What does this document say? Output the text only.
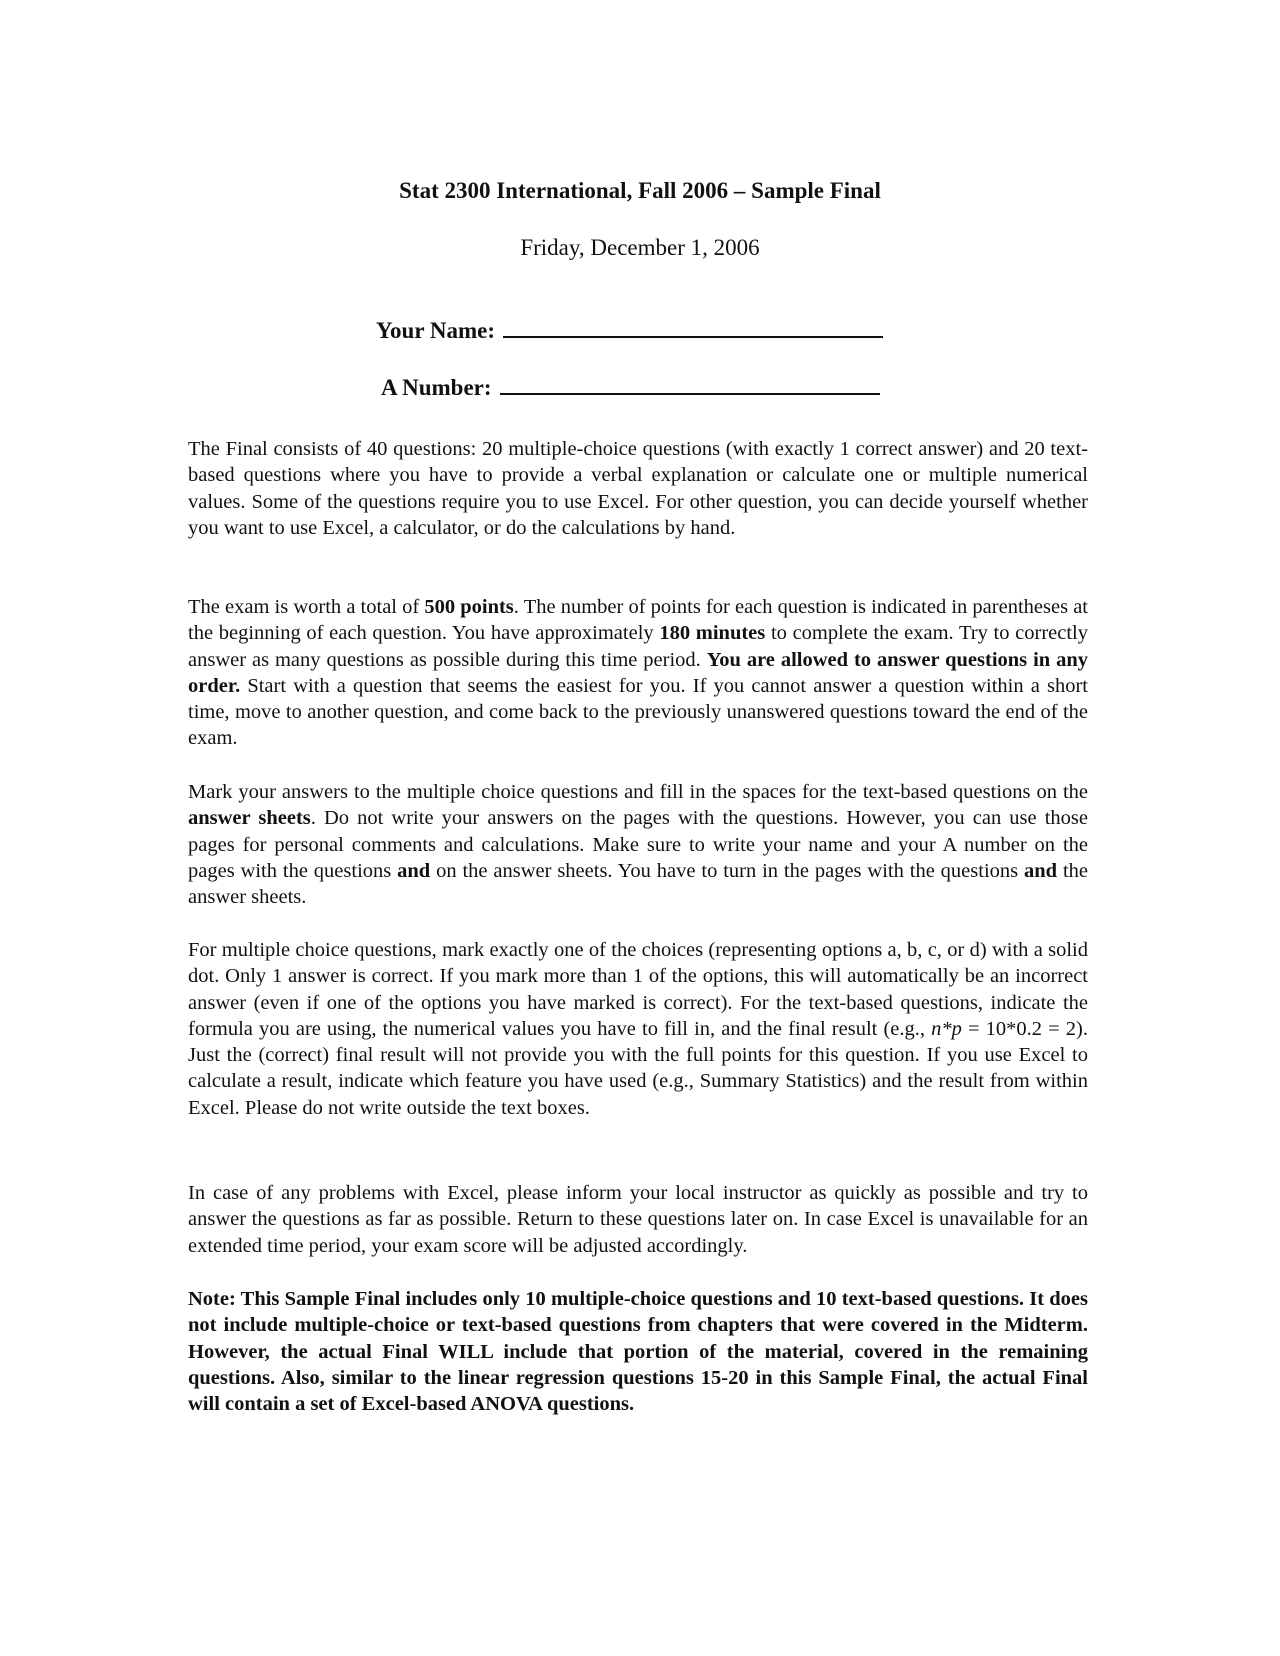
Stat 2300 International, Fall 2006 – Sample Final
Friday, December 1, 2006
Your Name:
A Number:

The Final consists of 40 questions: 20 multiple-choice questions (with exactly 1 correct answer) and 20 text-based questions where you have to provide a verbal explanation or calculate one or multiple numerical values. Some of the questions require you to use Excel. For other question, you can decide yourself whether you want to use Excel, a calculator, or do the calculations by hand.

The exam is worth a total of 500 points. The number of points for each question is indicated in parentheses at the beginning of each question. You have approximately 180 minutes to complete the exam. Try to correctly answer as many questions as possible during this time period. You are allowed to answer questions in any order. Start with a question that seems the easiest for you. If you cannot answer a question within a short time, move to another question, and come back to the previously unanswered questions toward the end of the exam.

Mark your answers to the multiple choice questions and fill in the spaces for the text-based questions on the answer sheets. Do not write your answers on the pages with the questions. However, you can use those pages for personal comments and calculations. Make sure to write your name and your A number on the pages with the questions and on the answer sheets. You have to turn in the pages with the questions and the answer sheets.

For multiple choice questions, mark exactly one of the choices (representing options a, b, c, or d) with a solid dot. Only 1 answer is correct. If you mark more than 1 of the options, this will automatically be an incorrect answer (even if one of the options you have marked is correct). For the text-based questions, indicate the formula you are using, the numerical values you have to fill in, and the final result (e.g., n*p = 10*0.2 = 2). Just the (correct) final result will not provide you with the full points for this question. If you use Excel to calculate a result, indicate which feature you have used (e.g., Summary Statistics) and the result from within Excel. Please do not write outside the text boxes.

In case of any problems with Excel, please inform your local instructor as quickly as possible and try to answer the questions as far as possible. Return to these questions later on. In case Excel is unavailable for an extended time period, your exam score will be adjusted accordingly.

Note: This Sample Final includes only 10 multiple-choice questions and 10 text-based questions. It does not include multiple-choice or text-based questions from chapters that were covered in the Midterm. However, the actual Final WILL include that portion of the material, covered in the remaining questions. Also, similar to the linear regression questions 15-20 in this Sample Final, the actual Final will contain a set of Excel-based ANOVA questions.
